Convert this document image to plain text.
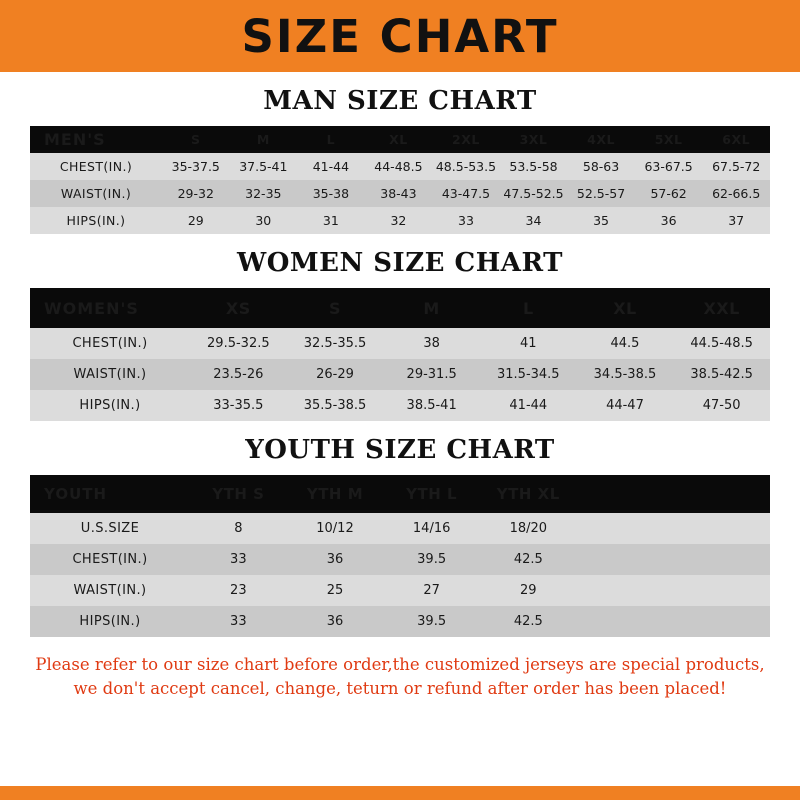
SIZE CHART
MAN SIZE CHART
MEN'S	S	M	L	XL	2XL	3XL	4XL	5XL	6XL
CHEST(IN.)	35-37.5	37.5-41	41-44	44-48.5	48.5-53.5	53.5-58	58-63	63-67.5	67.5-72
WAIST(IN.)	29-32	32-35	35-38	38-43	43-47.5	47.5-52.5	52.5-57	57-62	62-66.5
HIPS(IN.)	29	30	31	32	33	34	35	36	37
WOMEN SIZE CHART
WOMEN'S	XS	S	M	L	XL	XXL
CHEST(IN.)	29.5-32.5	32.5-35.5	38	41	44.5	44.5-48.5
WAIST(IN.)	23.5-26	26-29	29-31.5	31.5-34.5	34.5-38.5	38.5-42.5
HIPS(IN.)	33-35.5	35.5-38.5	38.5-41	41-44	44-47	47-50
YOUTH SIZE CHART
YOUTH	YTH S	YTH M	YTH L	YTH XL		
U.S.SIZE	8	10/12	14/16	18/20		
CHEST(IN.)	33	36	39.5	42.5		
WAIST(IN.)	23	25	27	29		
HIPS(IN.)	33	36	39.5	42.5		
Please refer to our size chart before order,the customized jerseys are special products,
we don't accept cancel, change, teturn or refund after order has been placed!
